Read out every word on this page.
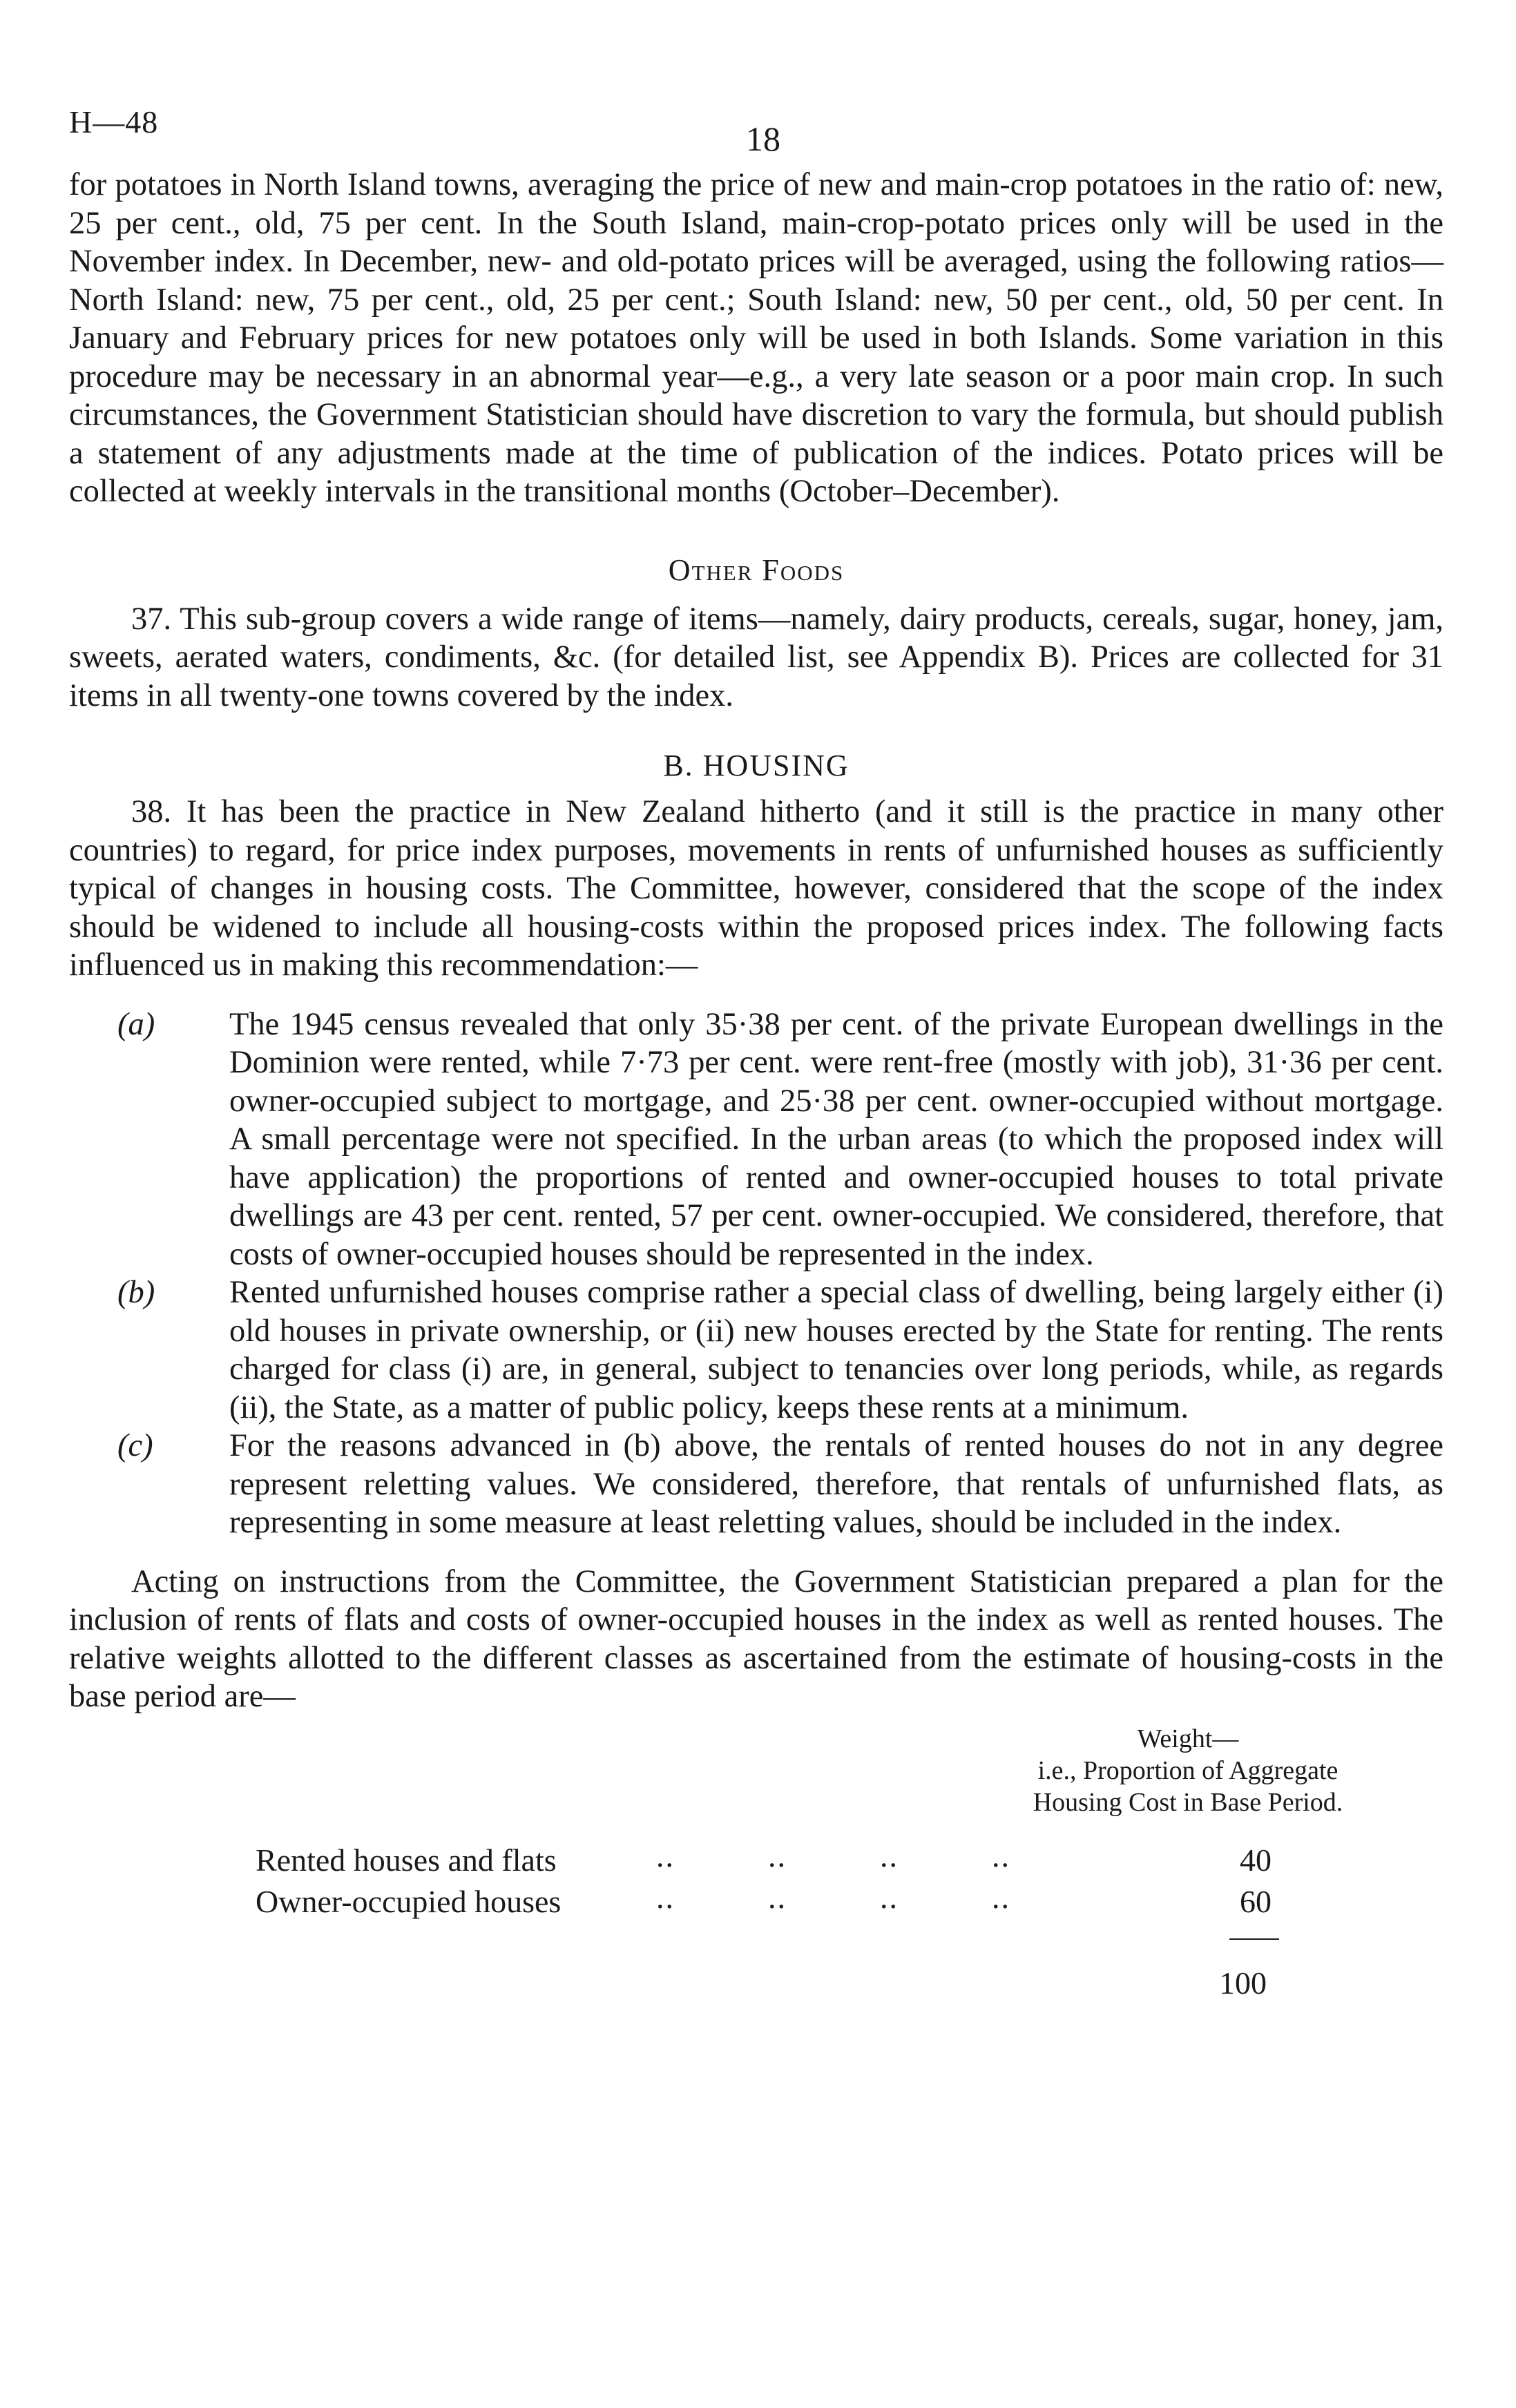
H—48	18

for potatoes in North Island towns, averaging the price of new and main-crop potatoes in the ratio of: new, 25 per cent., old, 75 per cent. In the South Island, main-crop-potato prices only will be used in the November index. In December, new- and old-potato prices will be averaged, using the following ratios—North Island: new, 75 per cent., old, 25 per cent.; South Island: new, 50 per cent., old, 50 per cent. In January and February prices for new potatoes only will be used in both Islands. Some variation in this procedure may be necessary in an abnormal year—e.g., a very late season or a poor main crop. In such circumstances, the Government Statistician should have discretion to vary the formula, but should publish a statement of any adjustments made at the time of publication of the indices. Potato prices will be collected at weekly intervals in the transitional months (October–December).

Other Foods

37. This sub-group covers a wide range of items—namely, dairy products, cereals, sugar, honey, jam, sweets, aerated waters, condiments, &c. (for detailed list, see Appendix B). Prices are collected for 31 items in all twenty-one towns covered by the index.

B. HOUSING

38. It has been the practice in New Zealand hitherto (and it still is the practice in many other countries) to regard, for price index purposes, movements in rents of unfurnished houses as sufficiently typical of changes in housing costs. The Committee, however, considered that the scope of the index should be widened to include all housing-costs within the proposed prices index. The following facts influenced us in making this recommendation:—

(a) The 1945 census revealed that only 35·38 per cent. of the private European dwellings in the Dominion were rented, while 7·73 per cent. were rent-free (mostly with job), 31·36 per cent. owner-occupied subject to mortgage, and 25·38 per cent. owner-occupied without mortgage. A small percentage were not specified. In the urban areas (to which the proposed index will have application) the proportions of rented and owner-occupied houses to total private dwellings are 43 per cent. rented, 57 per cent. owner-occupied. We considered, therefore, that costs of owner-occupied houses should be represented in the index.

(b) Rented unfurnished houses comprise rather a special class of dwelling, being largely either (i) old houses in private ownership, or (ii) new houses erected by the State for renting. The rents charged for class (i) are, in general, subject to tenancies over long periods, while, as regards (ii), the State, as a matter of public policy, keeps these rents at a minimum.

(c) For the reasons advanced in (b) above, the rentals of rented houses do not in any degree represent reletting values. We considered, therefore, that rentals of unfurnished flats, as representing in some measure at least reletting values, should be included in the index.

Acting on instructions from the Committee, the Government Statistician prepared a plan for the inclusion of rents of flats and costs of owner-occupied houses in the index as well as rented houses. The relative weights allotted to the different classes as ascertained from the estimate of housing-costs in the base period are—

Weight—
i.e., Proportion of Aggregate
Housing Cost in Base Period.
Rented houses and flats	..          ..          ..          ..	40
Owner-occupied houses	..          ..          ..          ..	60
100
